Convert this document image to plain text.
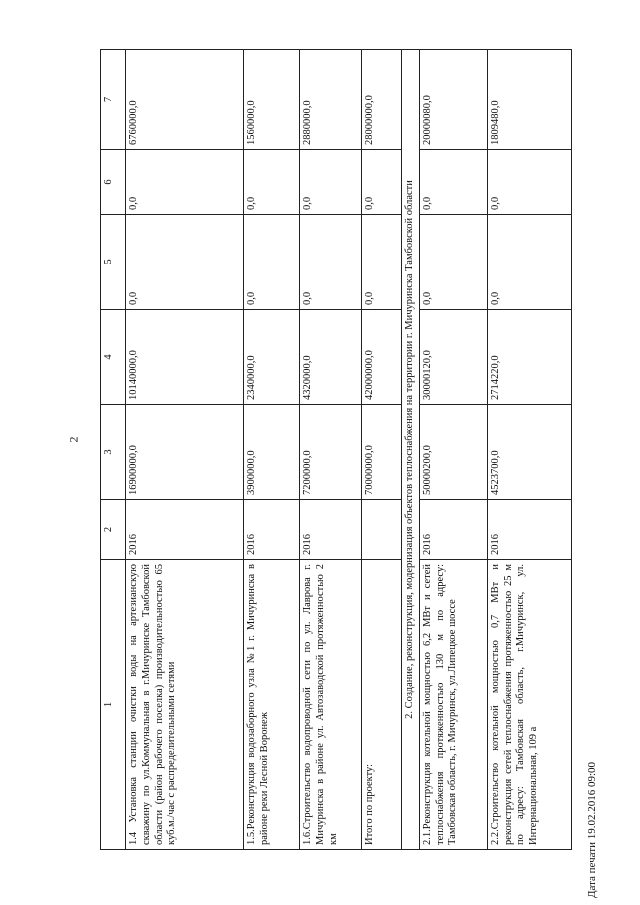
2
1	2	3	4	5	6	7
1.4 Установка станции очистки воды на артезианскую скважину по ул.Коммунальная в г.Мичуринске Тамбовской области (район рабочего поселка) производительностью 65 куб.м./час с распределительными сетями	2016	16900000,0	10140000,0	0,0	0,0	6760000,0
1.5.Реконструкция водозаборного узла №1 г. Мичуринска в районе реки Лесной Воронеж	2016	3900000,0	2340000,0	0,0	0,0	1560000,0
1.6.Строительство водопроводной сети по ул. Лаврова г. Мичуринска в районе ул. Автозаводской протяженностью 2 км	2016	7200000,0	4320000,0	0,0	0,0	2880000,0
Итого по проекту:		70000000,0	42000000,0	0,0	0,0	28000000,0
2. Создание, реконструкция, модернизация объектов теплоснабжения на территории г. Мичуринска Тамбовской области						
2.1.Реконструкция котельной мощностью 6,2 МВт и сетей теплоснабжения протяженностью 130 м по адресу: Тамбовская область, г. Мичуринск, ул.Липецкое шоссе	2016	50000200,0	30000120,0	0,0	0,0	20000080,0
2.2.Строительство котельной мощностью 0,7 МВт и реконструкция сетей теплоснабжения протяженностью 25 м по адресу: Тамбовская область, г.Мичуринск, ул. Интернациональная, 109 а	2016	4523700,0	2714220,0	0,0	0,0	1809480,0
Дата печати 19.02.2016 09:00
